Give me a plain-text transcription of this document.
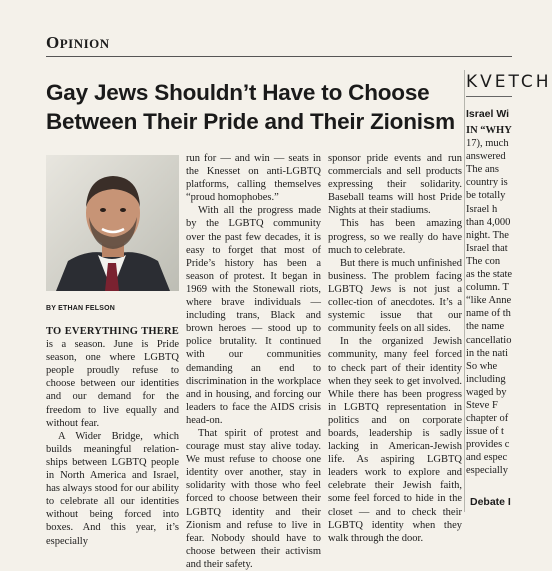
OPINION
Gay Jews Shouldn’t Have to Choose Between Their Pride and Their Zionism
BY ETHAN FELSON

TO EVERYTHING THERE is a season. June is Pride season, one where LGBTQ people proudly refuse to choose between our identities and our demand for the freedom to live equally and without fear.

A Wider Bridge, which builds meaningful relation-ships between LGBTQ people in North America and Israel, has always stood for our ability to celebrate all our identities without being forced into boxes. And this year, it’s especially

run for — and win — seats in the Knesset on anti-LGBTQ platforms, calling themselves “proud homophobes.”

With all the progress made by the LGBTQ community over the past few decades, it is easy to forget that most of Pride’s history has been a season of protest. It began in 1969 with the Stonewall riots, where brave individuals — including trans, Black and brown heroes — stood up to police brutality. It continued with our communities demanding an end to discrimination in the workplace and in housing, and forcing our leaders to face the AIDS crisis head-on.

That spirit of protest and courage must stay alive today. We must refuse to choose one identity over another, stay in solidarity with those who feel forced to choose between their LGBTQ identity and their Zionism and refuse to live in fear. Nobody should have to choose between their activism and their safety.

sponsor pride events and run commercials and sell products expressing their solidarity. Baseball teams will host Pride Nights at their stadiums.

This has been amazing progress, so we really do have much to celebrate.

But there is much unfinished business. The problem facing LGBTQ Jews is not just a collec-tion of anecdotes. It’s a systemic issue that our community feels on all sides.

In the organized Jewish community, many feel forced to check part of their identity when they seek to get involved. While there has been progress in LGBTQ representation in politics and on corporate boards, leadership is sadly lacking in American-Jewish life. As aspiring LGBTQ leaders work to explore and celebrate their Jewish faith, some feel forced to hide in the closet — and to check their LGBTQ identity when they walk through the door.

KVETCH
Israel Wi
IN “WHY
17), much
answered
The ans
country is
be totally
Israel h
than 4,000
night. The
Israel that
The con
as the state
column. T
“like Anne
name of th
the name
cancellatio
in the nati
So whe
including
waged by
Steve F
chapter of
issue of t
provides c
and espec
especially
Debate I
